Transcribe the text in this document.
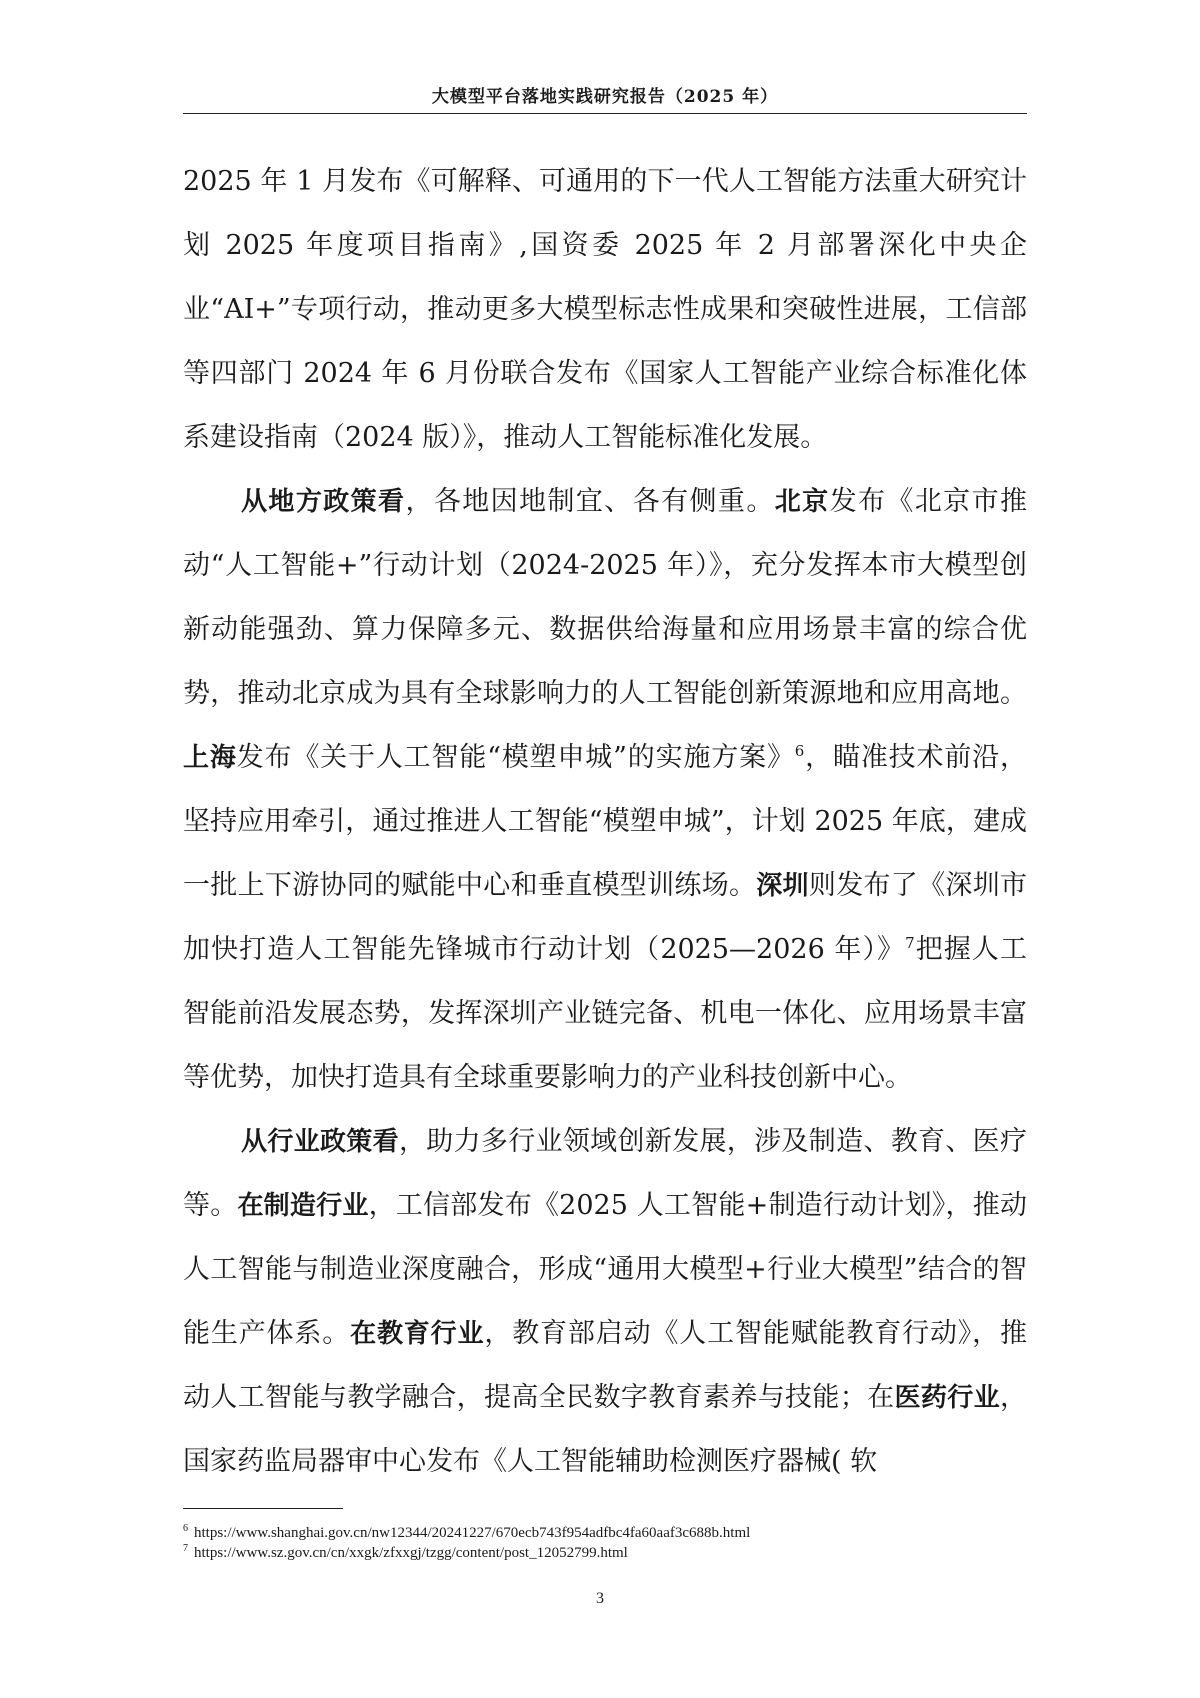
大模型平台落地实践研究报告（2025 年）

2025 年 1 月发布《可解释、可通用的下一代人工智能方法重大研究计划 2025 年度项目指南》,国资委 2025 年 2 月部署深化中央企业“AI+”专项行动，推动更多大模型标志性成果和突破性进展，工信部等四部门 2024 年 6 月份联合发布《国家人工智能产业综合标准化体系建设指南（2024 版）》，推动人工智能标准化发展。

从地方政策看，各地因地制宜、各有侧重。北京发布《北京市推动“人工智能+”行动计划（2024-2025 年）》，充分发挥本市大模型创新动能强劲、算力保障多元、数据供给海量和应用场景丰富的综合优势，推动北京成为具有全球影响力的人工智能创新策源地和应用高地。上海发布《关于人工智能“模塑申城”的实施方案》$^6$，瞄准技术前沿，坚持应用牵引，通过推进人工智能“模塑申城”，计划 2025 年底，建成一批上下游协同的赋能中心和垂直模型训练场。深圳则发布了《深圳市加快打造人工智能先锋城市行动计划（2025—2026 年）》$^7$把握人工智能前沿发展态势，发挥深圳产业链完备、机电一体化、应用场景丰富等优势，加快打造具有全球重要影响力的产业科技创新中心。

从行业政策看，助力多行业领域创新发展，涉及制造、教育、医疗等。在制造行业，工信部发布《2025 人工智能+制造行动计划》，推动人工智能与制造业深度融合，形成“通用大模型+行业大模型”结合的智能生产体系。在教育行业，教育部启动《人工智能赋能教育行动》，推动人工智能与教学融合，提高全民数字教育素养与技能；在医药行业，国家药监局器审中心发布《人工智能辅助检测医疗器械( 软

$^6$ https://www.shanghai.gov.cn/nw12344/20241227/670ecb743f954adfbc4fa60aaf3c688b.html
$^7$ https://www.sz.gov.cn/cn/xxgk/zfxxgj/tzgg/content/post_12052799.html
3
